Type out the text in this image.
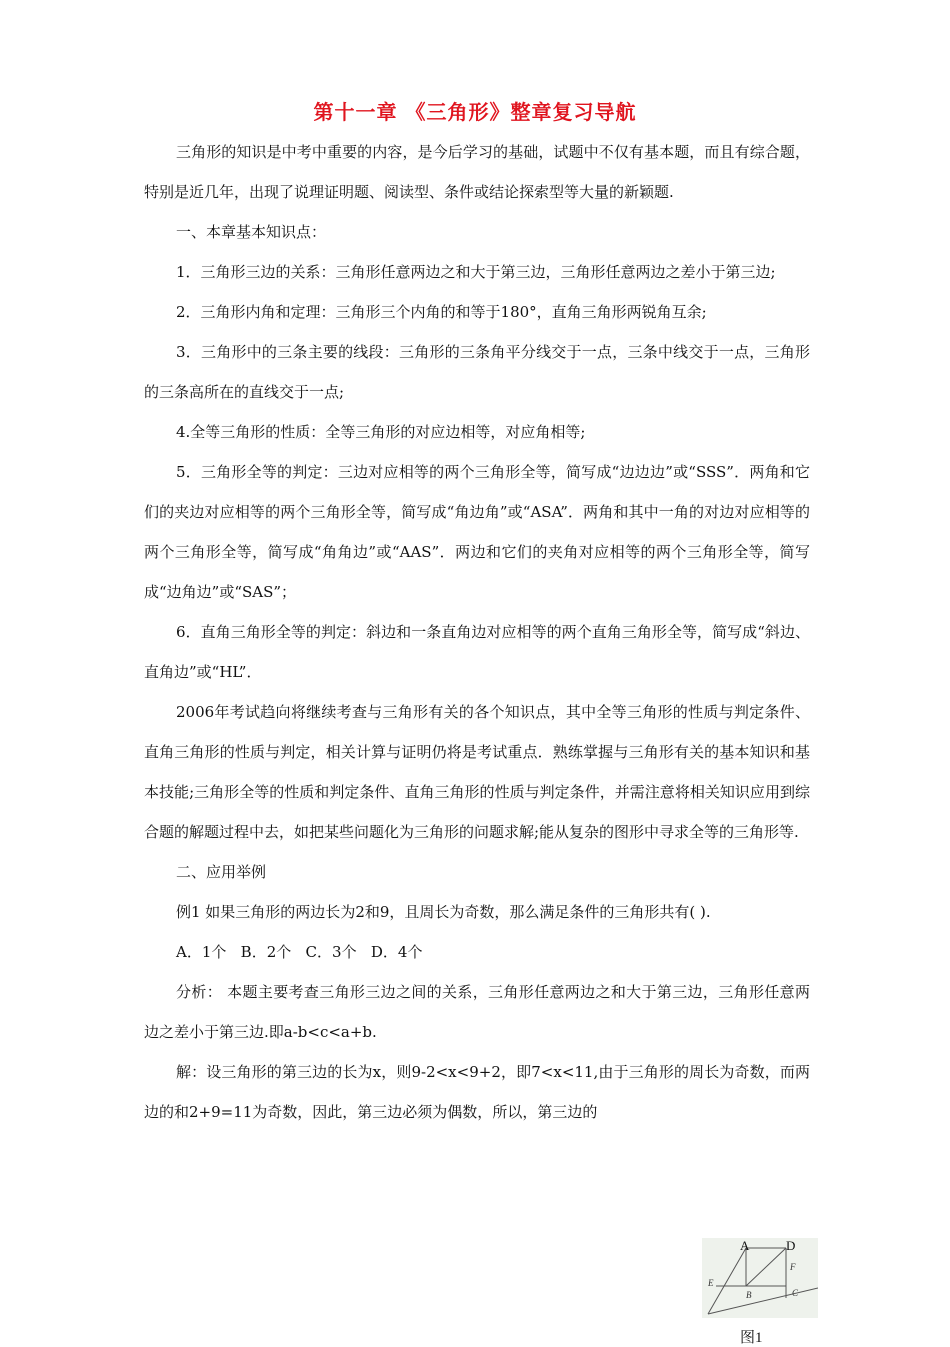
第十一章 《三角形》整章复习导航

三角形的知识是中考中重要的内容，是今后学习的基础，试题中不仅有基本题，而且有综合题，特别是近几年，出现了说理证明题、阅读型、条件或结论探索型等大量的新颖题.

一、本章基本知识点：

1．三角形三边的关系：三角形任意两边之和大于第三边，三角形任意两边之差小于第三边;

2．三角形内角和定理：三角形三个内角的和等于180°，直角三角形两锐角互余;

3．三角形中的三条主要的线段：三角形的三条角平分线交于一点，三条中线交于一点，三角形的三条高所在的直线交于一点;

4.全等三角形的性质：全等三角形的对应边相等，对应角相等;

5．三角形全等的判定：三边对应相等的两个三角形全等，简写成“边边边”或“SSS”．两角和它们的夹边对应相等的两个三角形全等，简写成“角边角”或“ASA”．两角和其中一角的对边对应相等的两个三角形全等，简写成“角角边”或“AAS”．两边和它们的夹角对应相等的两个三角形全等，简写成“边角边”或“SAS”；

6．直角三角形全等的判定：斜边和一条直角边对应相等的两个直角三角形全等，简写成“斜边、直角边”或“HL”．

2006年考试趋向将继续考查与三角形有关的各个知识点，其中全等三角形的性质与判定条件、直角三角形的性质与判定，相关计算与证明仍将是考试重点．熟练掌握与三角形有关的基本知识和基本技能;三角形全等的性质和判定条件、直角三角形的性质与判定条件，并需注意将相关知识应用到综合题的解题过程中去，如把某些问题化为三角形的问题求解;能从复杂的图形中寻求全等的三角形等.

二、应用举例

例1 如果三角形的两边长为2和9，且周长为奇数，那么满足条件的三角形共有( ).

A．1个   B．2个   C．3个   D．4个

分析： 本题主要考查三角形三边之间的关系，三角形任意两边之和大于第三边，三角形任意两边之差小于第三边.即a-b<c<a+b.

解：设三角形的第三边的长为x，则9-2<x<9+2，即7<x<11,由于三角形的周长为奇数，而两边的和2+9=11为奇数，因此，第三边必须为偶数，所以，第三边的

A	D
E
F
B	C
图1
